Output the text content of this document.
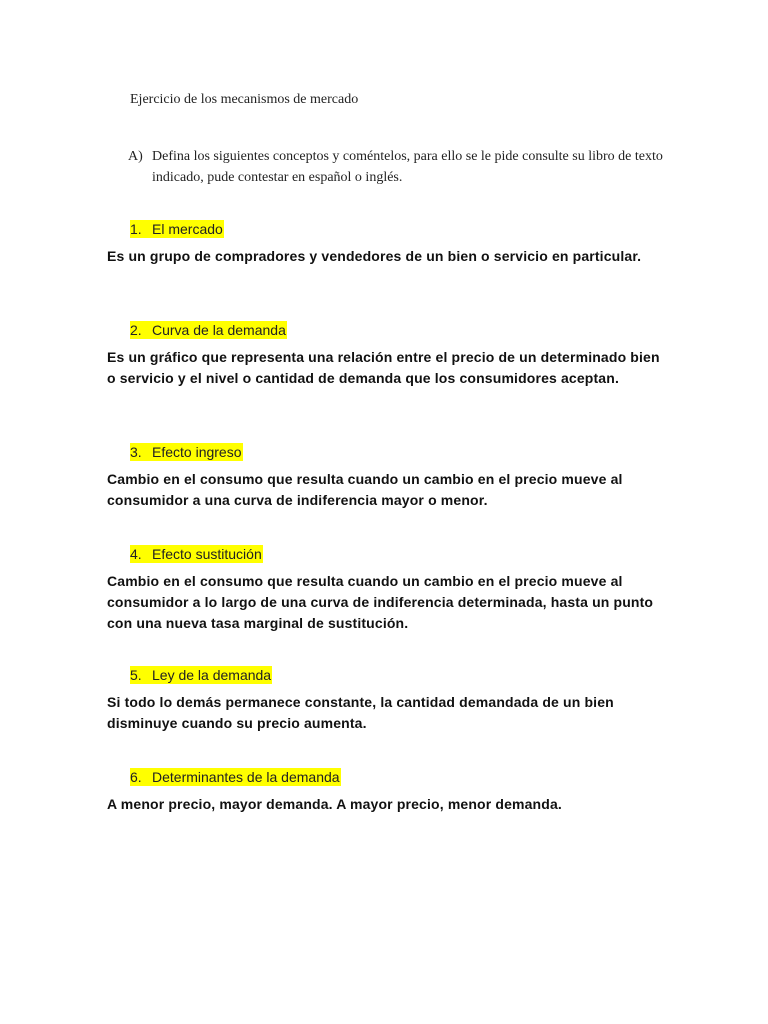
Ejercicio de los mecanismos de mercado
A) Defina los siguientes conceptos y coméntelos, para ello se le pide consulte su libro de texto indicado, pude contestar en español o inglés.
1. El mercado
Es un grupo de compradores y vendedores de un bien o servicio en particular.
2. Curva de la demanda
Es un gráfico que representa una relación entre el precio de un determinado bien o servicio y el nivel o cantidad de demanda que los consumidores aceptan.
3. Efecto ingreso
Cambio en el consumo que resulta cuando un cambio en el precio mueve al consumidor a una curva de indiferencia mayor o menor.
4. Efecto sustitución
Cambio en el consumo que resulta cuando un cambio en el precio mueve al consumidor a lo largo de una curva de indiferencia determinada, hasta un punto con una nueva tasa marginal de sustitución.
5. Ley de la demanda
Si todo lo demás permanece constante, la cantidad demandada de un bien disminuye cuando su precio aumenta.
6. Determinantes de la demanda
A menor precio, mayor demanda. A mayor precio, menor demanda.
